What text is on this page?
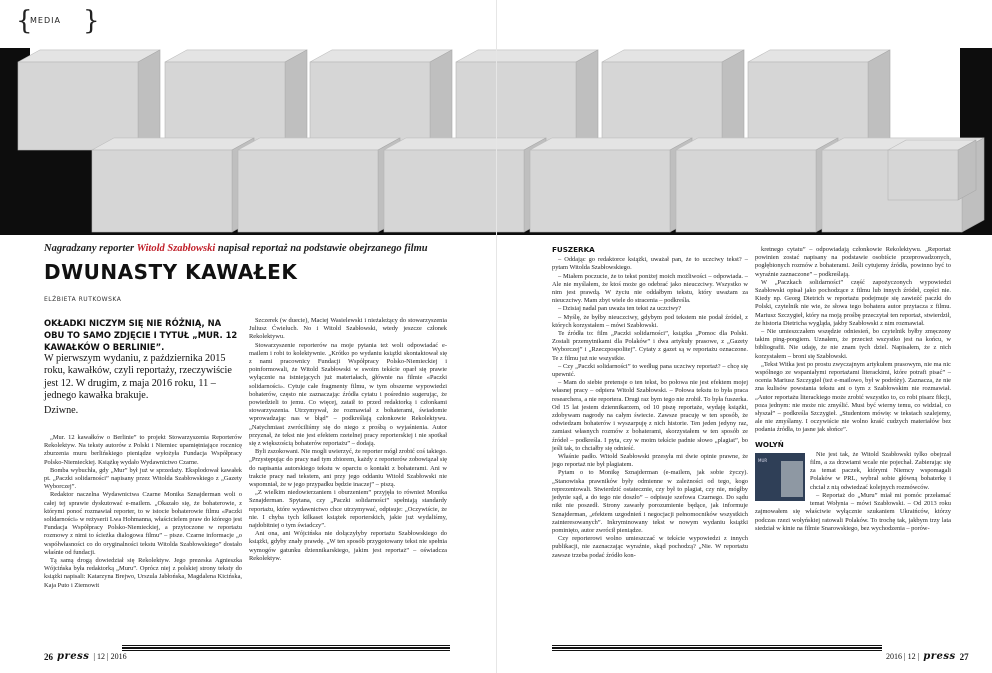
{
MEDIA }
Nagradzany reporter Witold Szabłowski napisał reportaż na podstawie obejrzanego filmu
DWUNASTY KAWAŁEK
ELŻBIETA RUTKOWSKA
OKŁADKI NICZYM SIĘ NIE RÓŻNIĄ, NA OBU TO SAMO ZDJĘCIE I TYTUŁ „MUR. 12 KAWAŁKÓW O BERLINIE”.
W pierwszym wydaniu, z października 2015 roku, kawałków, czyli reportaży, rzeczywiście jest 12. W drugim, z maja 2016 roku, 11 – jednego kawałka brakuje.
Dziwne.

„Mur. 12 kawałków o Berlinie” to projekt Stowarzyszenia Reporterów Rekolektyw. Na teksty autorów z Polski i Niemiec upamiętniające rocznicę zburzenia muru berlińskiego pieniądze wyłożyła Fundacja Współpracy Polsko-Niemieckiej. Książkę wydało Wydawnictwo Czarne.

Bomba wybuchła, gdy „Mur” był już w sprzedaży. Eksplodował kawałek pt. „Paczki solidarności” napisany przez Witolda Szabłowskiego z „Gazety Wyborczej”.

Redaktor naczelna Wydawnictwa Czarne Monika Sznajderman woli o całej tej sprawie dyskutować e-mailem. „Okazało się, że bohaterowie, z którymi ponoć rozmawiał reporter, to w istocie bohaterowie filmu «Paczki solidarności» w reżyserii Lwa Hohmanna, właścicielem praw do którego jest Fundacja Współpracy Polsko-Niemieckiej, a przytoczone w reportażu rozmowy z nimi to ścieżka dialogowa filmu” – pisze. Czarne informacje „o współwłasności co do oryginalności tekstu Witolda Szabłowskiego” dostało właśnie od fundacji.

Tą samą drogą dowiedział się Rekolektyw. Jego prezeska Agnieszka Wójcińska była redaktorką „Muru”. Oprócz niej z polskiej strony teksty do książki napisali: Katarzyna Brejwo, Urszula Jabłońska, Magdalena Kicińska, Kaja Puto i Ziemowit

Szczerek (w duecie), Maciej Wasielewski i nieżależący do stowarzyszenia Juliusz Ćwieluch. No i Witold Szabłowski, wtedy jeszcze członek Rekolektywu.

Stowarzyszenie reporterów na moje pytania też woli odpowiadać e-mailem i robi to kolektywnie. „Krótko po wydaniu książki skontaktował się z nami pracownicy Fundacji Współpracy Polsko-Niemieckiej i poinformowali, że Witold Szabłowski w swoim tekście oparł się prawie wyłącznie na istniejących już materiałach, głównie na filmie «Paczki solidarności». Cytuje całe fragmenty filmu, w tym obszerne wypowiedzi bohaterów, często nie zaznaczając źródła cytatu i pośrednio sugerując, że powiedzieli to jemu. Co więcej, zataił to przed redaktorką i członkami stowarzyszenia. Utrzymywał, że rozmawiał z bohaterami, świadomie wprowadzając nas w błąd” – podkreślają członkowie Rekolektywu. „Natychmiast zwróciliśmy się do niego z prośbą o wyjaśnienia. Autor przyznał, że tekst nie jest efektem rzetelnej pracy reporterskiej i nie spotkał się z większością bohaterów reportażu” – dodają.

Byli zszokowani. Nie mogli uwierzyć, że reporter mógł zrobić coś takiego. „Przystępując do pracy nad tym zbiorem, każdy z reporterów zobowiązał się do napisania autorskiego tekstu w oparciu o kontakt z bohaterami. Ani w trakcie pracy nad tekstem, ani przy jego oddaniu Witold Szabłowski nie wspomniał, że w jego przypadku będzie inaczej” – piszą.

„Z wielkim niedowierzaniem i oburzeniem” przyjęła to również Monika Sznajderman. Spytana, czy „Paczki solidarności” spełniają standardy reportażu, które wydawnictwo chce utrzymywać, odpisuje: „Oczywiście, że nie. I chyba tych kilkaset książek reporterskich, jakie już wydaliśmy, najdobitniej o tym świadczy”.

Ani ona, ani Wójcińska nie dołączyłyby reportażu Szabłowskiego do książki, gdyby znały prawdę. „W ten sposób przygotowany tekst nie spełnia wymogów gatunku dziennikarskiego, jakim jest reportaż” – oświadcza Rekolektyw.

FUSZERKA

– Oddając go redaktorce książki, uważał pan, że to uczciwy tekst? – pytam Witolda Szabłowskiego.

– Miałem poczucie, że to tekst poniżej moich możliwości – odpowiada. – Ale nie myślałem, że ktoś może go odebrać jako nieuczciwy. Wszystko w nim jest prawdą. W życiu nie oddałbym tekstu, który uważam za nieuczciwy. Mam zbyt wiele do stracenia – podkreśla.

– Dzisiaj nadal pan uważa ten tekst za uczciwy?

– Myślę, że byłby nieuczciwy, gdybym pod tekstem nie podał źródeł, z których korzystałem – mówi Szabłowski.

Te źródła to: film „Paczki solidarności”, książka „Pomoc dla Polski. Zostali przemytnikami dla Polaków” i dwa artykuły prasowe, z „Gazety Wyborczej” i „Rzeczpospolitej”. Cytaty z gazet są w reportażu oznaczone. Te z filmu już nie wszystkie.

– Czy „Paczki solidarności” to według pana uczciwy reportaż? – chcę się upewnić.

– Mam do siebie pretensje o ten tekst, bo połowa nie jest efektem mojej własnej pracy – odpiera Witold Szabłowski. – Połowa tekstu to była praca researchera, a nie reportera. Drugi raz bym tego nie zrobił. To była fuszerka. Od 15 lat jestem dziennikarzem, od 10 piszę reportaże, wydaję książki, zdobywam nagrody na całym świecie. Zawsze pracuję w ten sposób, że odwiedzam bohaterów i wyszarpuję z nich historie. Ten jeden jedyny raz, zamiast własnych rozmów z bohaterami, skorzystałem w ten sposób ze źródeł – podkreśla. I pyta, czy w moim tekście padnie słowo „plagiat”, bo jeśli tak, to chciałby się odnieść.

Właśnie padło. Witold Szabłowski przesyła mi dwie opinie prawne, że jego reportaż nie był plagiatem.

Pytam o to Monikę Sznajderman (e-mailem, jak sobie życzy). „Stanowiska prawników były odmienne w zależności od tego, kogo reprezentowali. Stwierdzić ostatecznie, czy był to plagiat, czy nie, mógłby jedynie sąd, a do tego nie doszło” – odpisuje szefowa Czarnego. Do sądu nikt nie poszedł. Strony zawarły porozumienie będące, jak informuje Sznajderman, „efektem uzgodnień i negocjacji pełnomocników wszystkich zainteresowanych”. Inkryminowany tekst w nowym wydaniu książki pominięto, autor zwrócił pieniądze.

Czy reporterowi wolno umieszczać w tekście wypowiedzi z innych publikacji, nie zaznaczając wyraźnie, skąd pochodzą? „Nie. W reportażu zawsze trzeba podać źródło kon-

kretnego cytatu” – odpowiadają członkowie Rekolektywu. „Reportaż powinien zostać napisany na podstawie osobiście przeprowadzonych, pogłębionych rozmów z bohaterami. Jeśli cytujemy źródła, powinno być to wyraźnie zaznaczone” – podkreślają.

W „Paczkach solidarności” część zapożyczonych wypowiedzi Szabłowski opisał jako pochodzące z filmu lub innych źródeł, części nie. Kiedy np. Georg Dietrich w reportażu podejmuje się zawieźć paczki do Polski, czytelnik nie wie, że słowa tego bohatera autor przytacza z filmu. Mariusz Szczygieł, który na moją prośbę przeczytał ten reportaż, stwierdził, że historia Dietricha wygląda, jakby Szabłowski z nim rozmawiał.

– Nie umieszczałem wszędzie odniesień, bo czytelnik byłby zmęczony takim ping-pongiem. Uznałem, że przecież wszystko jest na końcu, w bibliografii. Nie udaję, że nie znam tych dziel. Napisałem, że z nich korzystałem – broni się Szabłowski.

„Tekst Witka jest po prostu zwyczajnym artykułem prasowym, nie ma nic wspólnego ze wspaniałymi reportażami literackimi, które potrafi pisać” – ocenia Mariusz Szczygieł (też e-mailowo, był w podróży). Zaznacza, że nie zna kulisów powstania tekstu ani o tym z Szabłowskim nie rozmawiał. „Autor reportażu literackiego może zrobić wszystko to, co robi pisarz fikcji, poza jednym: nie może nic zmyślić. Musi być wierny temu, co widział, co słyszał” – podkreśla Szczygieł. „Studentom mówię: w tekstach szalejemy, ale nie zmyślamy. I oczywiście nie wolno kraść cudzych materiałów bez podania źródła, to jasne jak słońce”.

WOLYŃ
MUR

Nie jest tak, że Witold Szabłowski tylko obejrzał film, a za drzwiami wcale nie pojechał. Zabierając się za temat paczek, którymi Niemcy wspomagali Polaków w PRL, wybrał sobie główną bohaterkę i chciał z nią odwiedzać kolejnych rozmówców.

– Reportaż do „Muru” miał mi pomóc przełamać temat Wołynia – mówi Szabłowski. – Od 2013 roku zajmowałem się właściwie wyłącznie szukaniem Ukraińców, którzy podczas rzezi wołyńskiej ratowali Polaków. To trochę tak, jakbym trzy lata siedział w kinie na filmie Snarowskiego, bez wychodzenia – porów-

26 press | 12 | 2016	2016 | 12 | press 27
